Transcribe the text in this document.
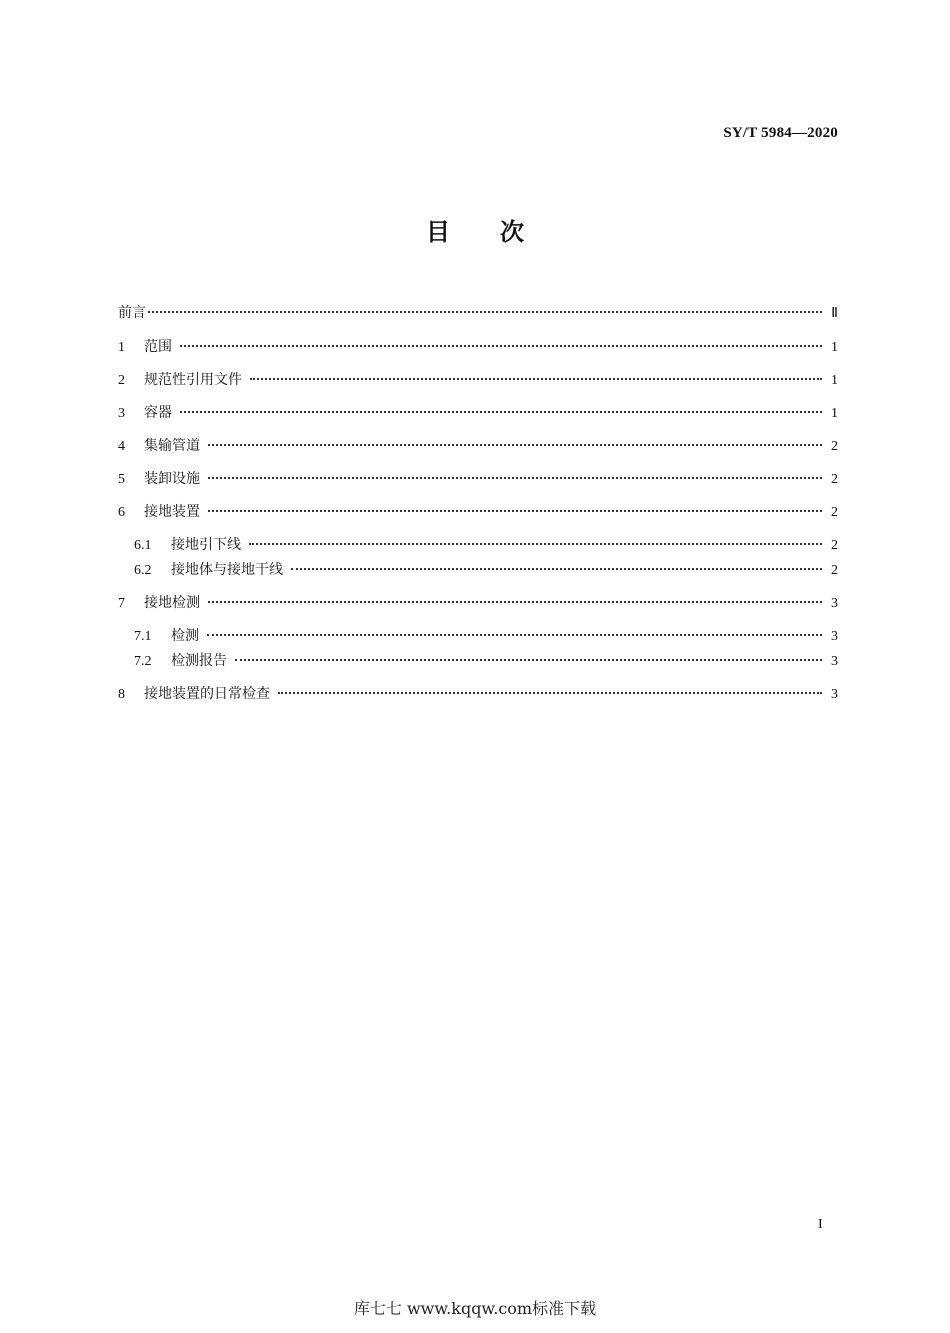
SY/T 5984—2020
目 次
前言	Ⅱ
1	范围	1
2	规范性引用文件	1
3	容器	1
4	集输管道	2
5	装卸设施	2
6	接地装置	2
6.1	接地引下线	2
6.2	接地体与接地干线	2
7	接地检测	3
7.1	检测	3
7.2	检测报告	3
8	接地装置的日常检查	3
I
库七七 www.kqqw.com标准下载
